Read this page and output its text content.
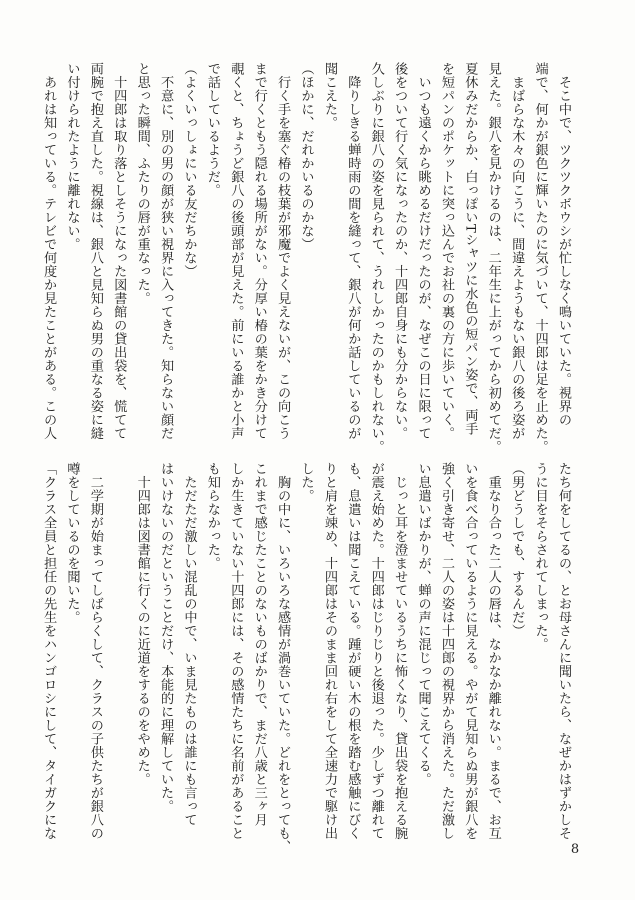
　そこ中で、ツクツクボウシが忙しなく鳴いていた。視界の
端で、何かが銀色に輝いたのに気づいて、十四郎は足を止めた。
　まばらな木々の向こうに、間違えようもない銀八の後ろ姿が
見えた。銀八を見かけるのは、二年生に上がってから初めてだ。
夏休みだからか、白っぽいTシャツに水色の短パン姿で、両手
を短パンのポケットに突っ込んでお社の裏の方に歩いていく。
　いつも遠くから眺めるだけだったのが、なぜこの日に限って
後をついて行く気になったのか、十四郎自身にも分からない。
久しぶりに銀八の姿を見られて、うれしかったのかもしれない。
　降りしきる蝉時雨の間を縫って、銀八が何か話しているのが
聞こえた。
（ほかに、だれかいるのかな）
　行く手を塞ぐ椿の枝葉が邪魔でよく見えないが、この向こう
まで行くともう隠れる場所がない。分厚い椿の葉をかき分けて
覗くと、ちょうど銀八の後頭部が見えた。前にいる誰かと小声
で話しているようだ。
（よくいっしょにいる友だちかな）
　不意に、別の男の顔が狭い視界に入ってきた。知らない顔だ
と思った瞬間、ふたりの唇が重なった。
　十四郎は取り落としそうになった図書館の貸出袋を、慌てて
両腕で抱え直した。視線は、銀八と見知らぬ男の重なる姿に縫
い付けられたように離れない。
　あれは知っている。テレビで何度か見たことがある。この人
たち何をしてるの、とお母さんに聞いたら、なぜかはずかしそ
うに目をそらされてしまった。
（男どうしでも、するんだ）
　重なり合った二人の唇は、なかなか離れない。まるで、お互
いを食べ合っているように見える。やがて見知らぬ男が銀八を
強く引き寄せ、二人の姿は十四郎の視界から消えた。ただ激し
い息遣いばかりが、蝉の声に混じって聞こえてくる。
　じっと耳を澄ませているうちに怖くなり、貸出袋を抱える腕
が震え始めた。十四郎はじりじりと後退った。少しずつ離れて
も、息遣いは聞こえている。踵が硬い木の根を踏む感触にびく
りと肩を竦め、十四郎はそのまま回れ右をして全速力で駆け出
した。
　胸の中に、いろいろな感情が渦巻いていた。どれをとっても、
これまで感じたことのないものばかりで、まだ八歳と三ヶ月
しか生きていない十四郎には、その感情たちに名前があること
も知らなかった。
　ただただ激しい混乱の中で、いま見たものは誰にも言って
はいけないのだということだけ、本能的に理解していた。
　十四郎は図書館に行くのに近道をするのをやめた。

　二学期が始まってしばらくして、クラスの子供たちが銀八の
噂をしているのを聞いた。
「クラス全員と担任の先生をハンゴロシにして、タイガクにな
8
